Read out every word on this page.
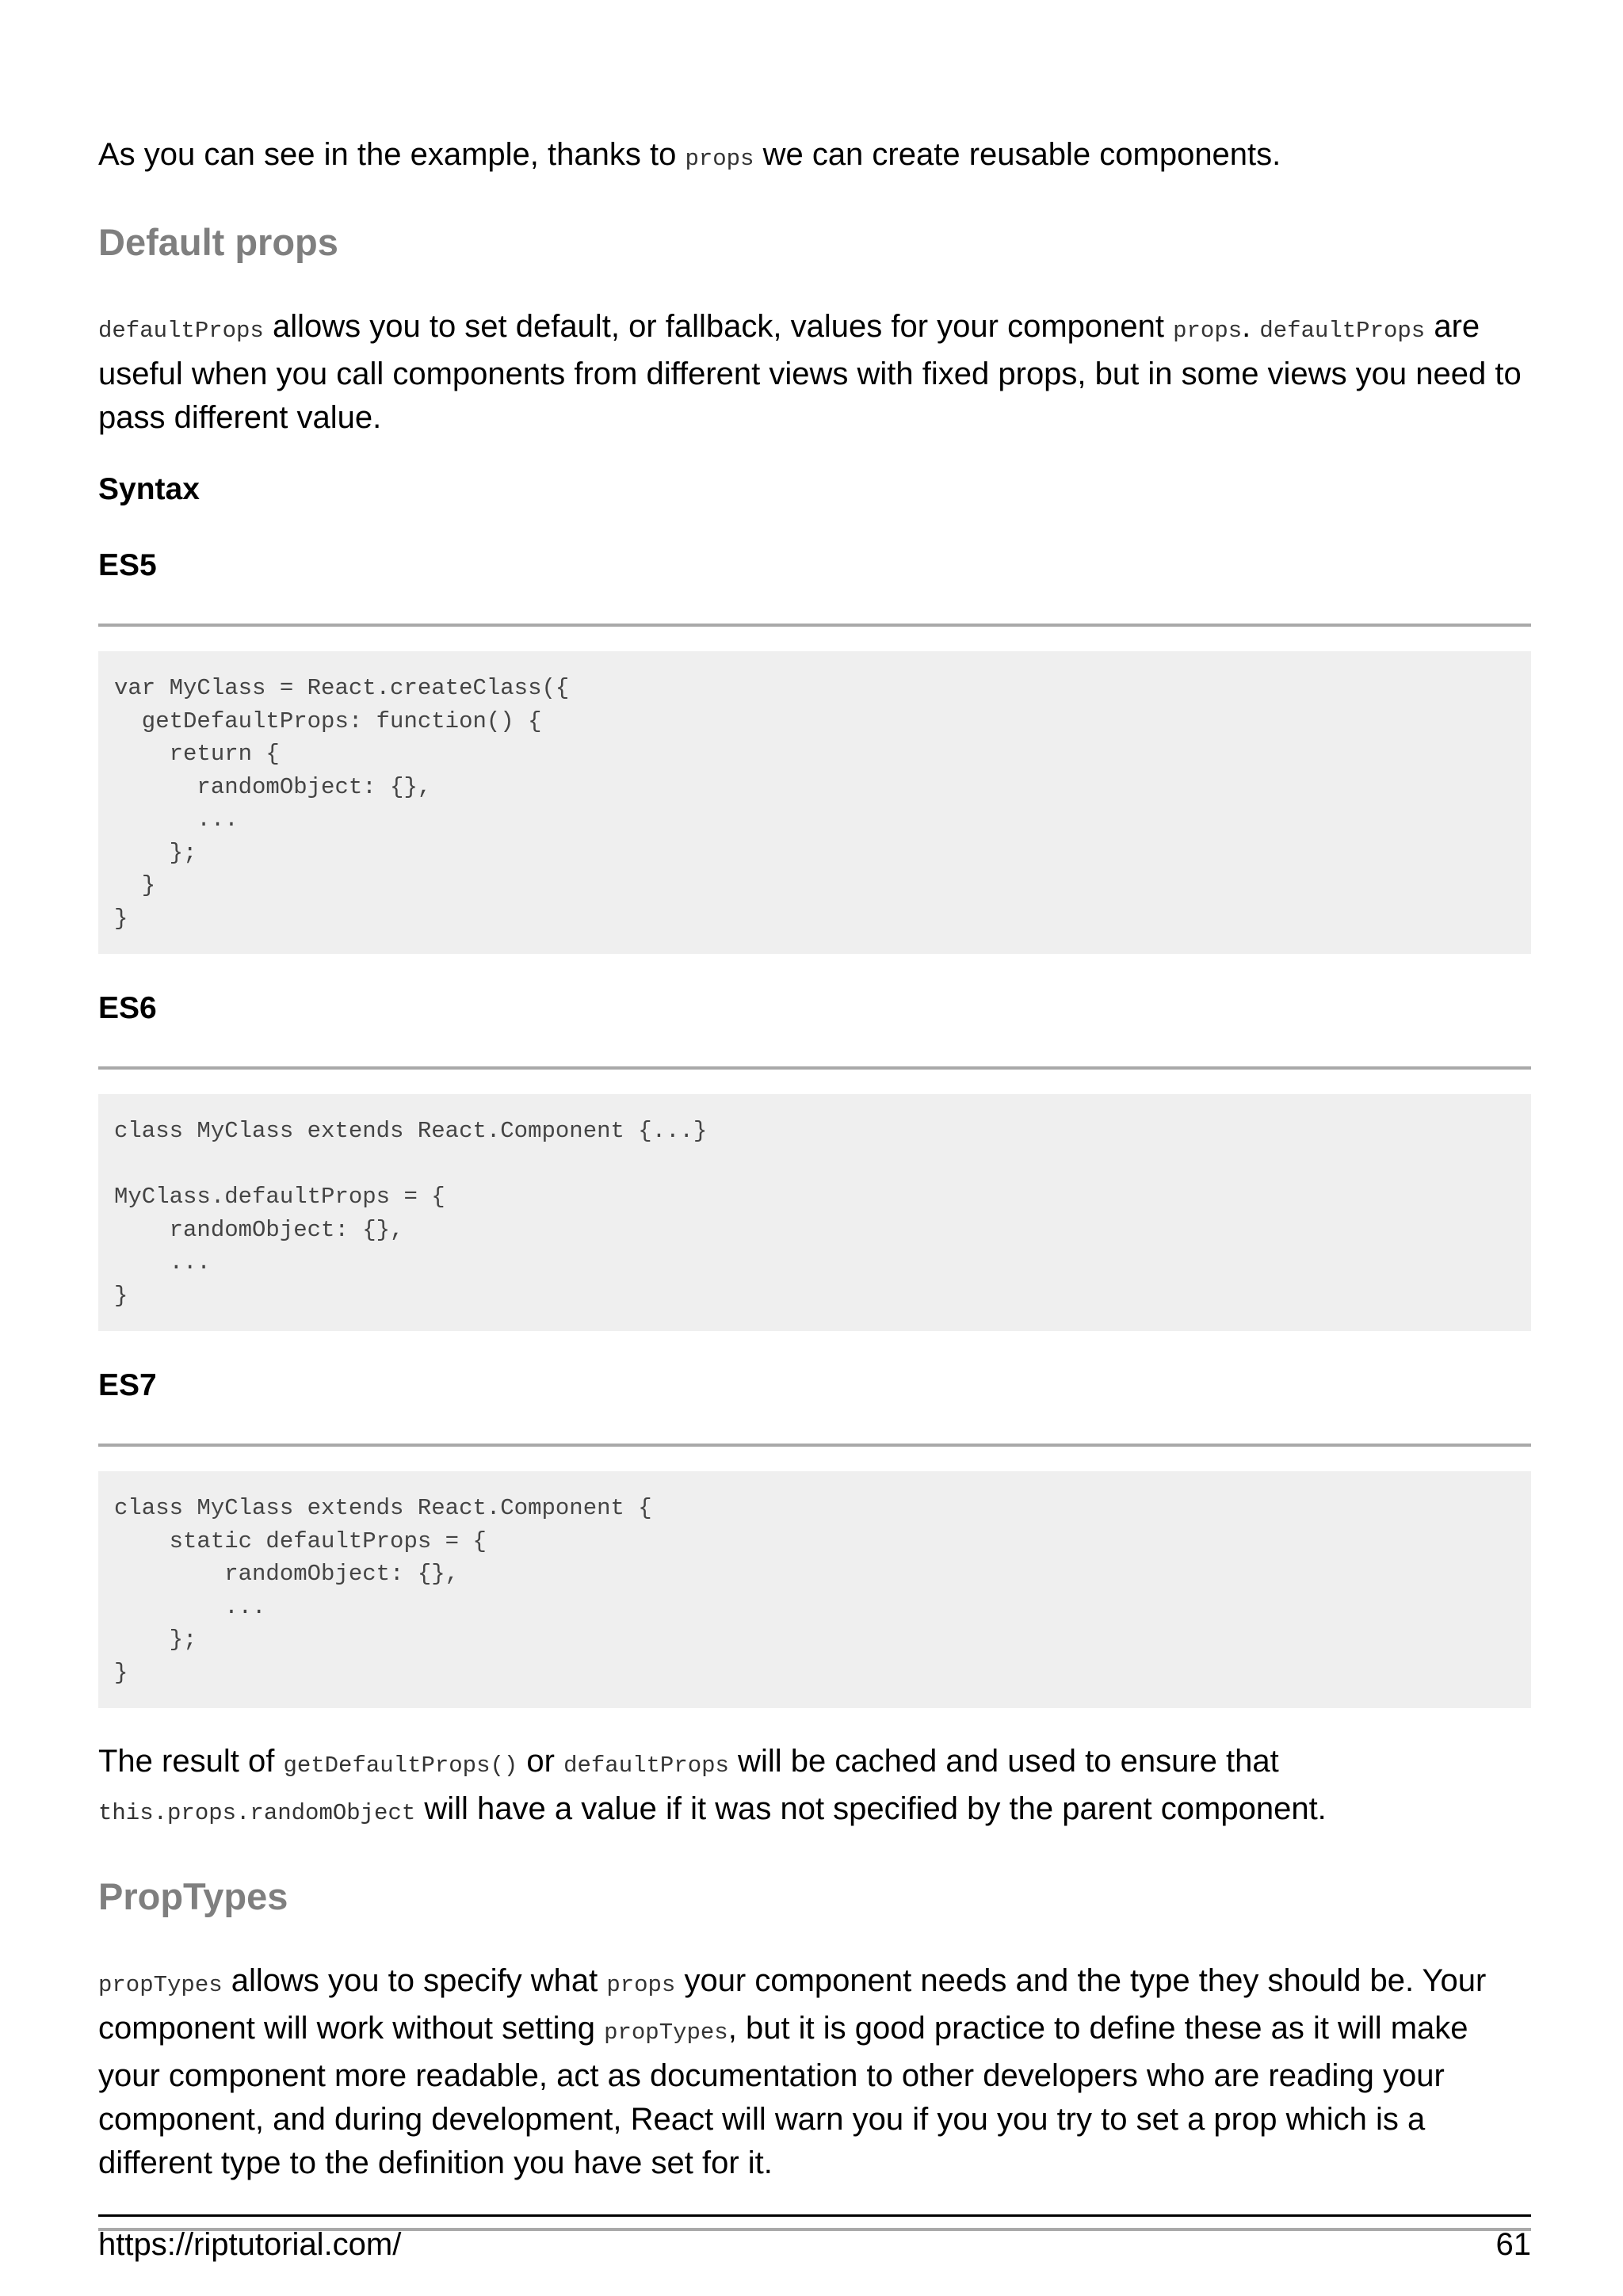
As you can see in the example, thanks to props we can create reusable components.

Default props

defaultProps allows you to set default, or fallback, values for your component props. defaultProps are useful when you call components from different views with fixed props, but in some views you need to pass different value.

Syntax
ES5
var MyClass = React.createClass({
getDefaultProps: function() {
return {
randomObject: {},
...
};
}
}
ES6
class MyClass extends React.Component {...}

MyClass.defaultProps = {
randomObject: {},
...
}
ES7
class MyClass extends React.Component {
static defaultProps = {
randomObject: {},
...
};
}

The result of getDefaultProps() or defaultProps will be cached and used to ensure that this.props.randomObject will have a value if it was not specified by the parent component.

PropTypes

propTypes allows you to specify what props your component needs and the type they should be. Your component will work without setting propTypes, but it is good practice to define these as it will make your component more readable, act as documentation to other developers who are reading your component, and during development, React will warn you if you you try to set a prop which is a different type to the definition you have set for it.

https://riptutorial.com/	61
